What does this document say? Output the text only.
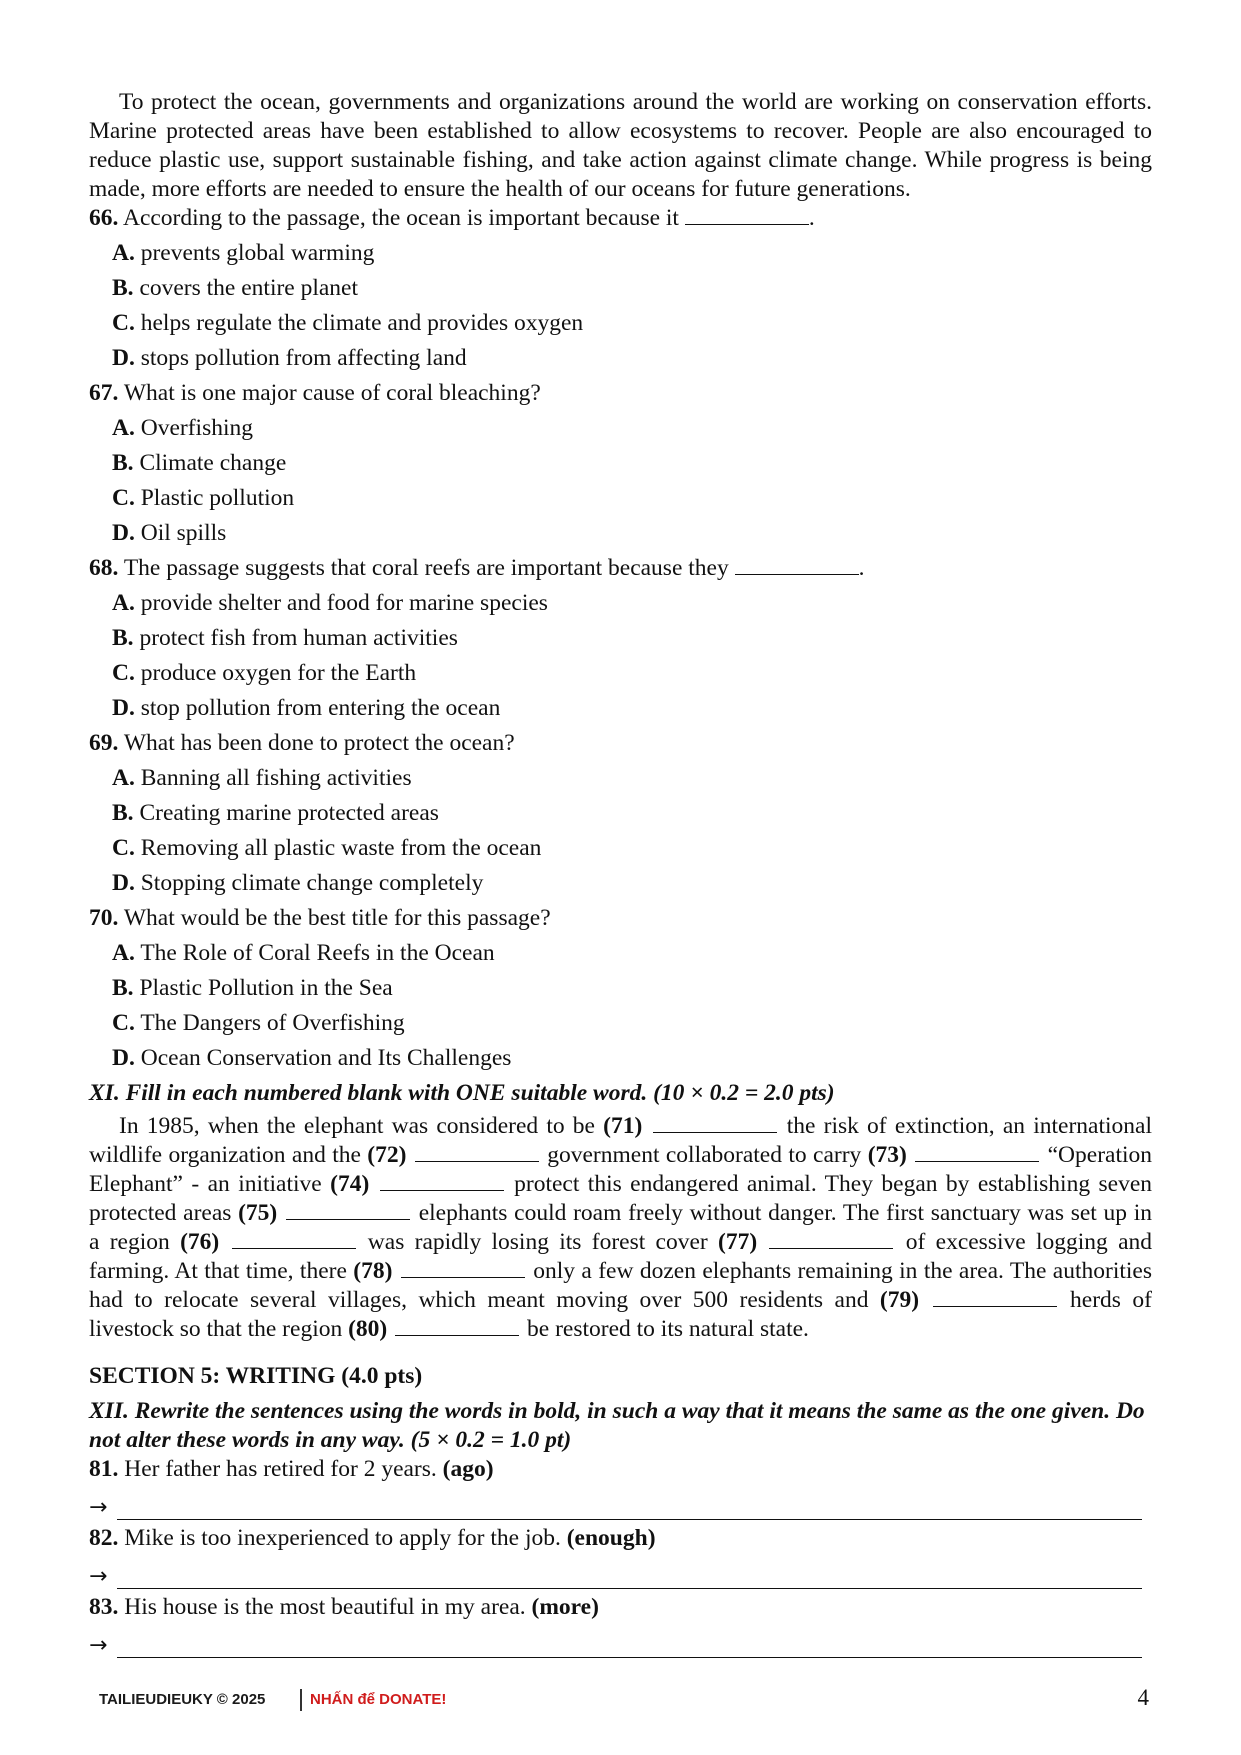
To protect the ocean, governments and organizations around the world are working on conservation efforts. Marine protected areas have been established to allow ecosystems to recover. People are also encouraged to reduce plastic use, support sustainable fishing, and take action against climate change. While progress is being made, more efforts are needed to ensure the health of our oceans for future generations.

66. According to the passage, the ocean is important because it	.

A. prevents global warming

B. covers the entire planet

C. helps regulate the climate and provides oxygen

D. stops pollution from affecting land

67. What is one major cause of coral bleaching?

A. Overfishing

B. Climate change

C. Plastic pollution

D. Oil spills

68. The passage suggests that coral reefs are important because they	.

A. provide shelter and food for marine species

B. protect fish from human activities

C. produce oxygen for the Earth

D. stop pollution from entering the ocean

69. What has been done to protect the ocean?

A. Banning all fishing activities

B. Creating marine protected areas

C. Removing all plastic waste from the ocean

D. Stopping climate change completely

70. What would be the best title for this passage?

A. The Role of Coral Reefs in the Ocean

B. Plastic Pollution in the Sea

C. The Dangers of Overfishing

D. Ocean Conservation and Its Challenges

XI. Fill in each numbered blank with ONE suitable word. (10 × 0.2 = 2.0 pts)

In 1985, when the elephant was considered to be (71)	the risk of extinction, an international wildlife organization and the (72)	government collaborated to carry (73)	“Operation Elephant” - an initiative (74)	protect this endangered animal. They began by establishing seven protected areas (75)	elephants could roam freely without danger. The first sanctuary was set up in a region (76)	was rapidly losing its forest cover (77)	of excessive logging and farming. At that time, there (78)	only a few dozen elephants remaining in the area. The authorities had to relocate several villages, which meant moving over 500 residents and (79)	herds of livestock so that the region (80)	be restored to its natural state.

SECTION 5: WRITING (4.0 pts)

XII. Rewrite the sentences using the words in bold, in such a way that it means the same as the one given. Do not alter these words in any way. (5 × 0.2 = 1.0 pt)

81. Her father has retired for 2 years. (ago)

→

82. Mike is too inexperienced to apply for the job. (enough)

→

83. His house is the most beautiful in my area. (more)

→
TAILIEUDIEUKY © 2025	NHẤN để DONATE!	4
